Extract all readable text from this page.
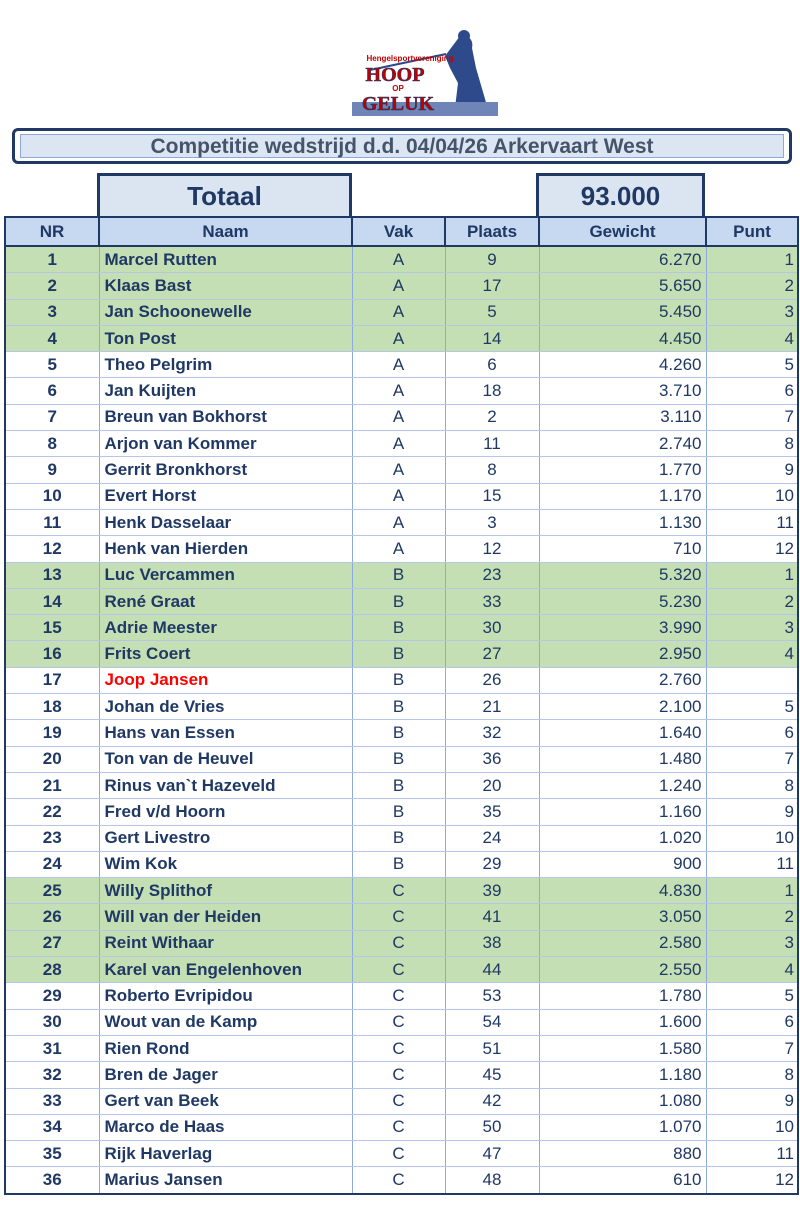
Hengelsportvereniging
HOOP
OP
GELUK
Competitie wedstrijd d.d. 04/04/26 Arkervaart West
Totaal	93.000
NR	Naam	Vak	Plaats	Gewicht	Punt
1	Marcel Rutten	A	9	6.270	1
2	Klaas Bast	A	17	5.650	2
3	Jan Schoonewelle	A	5	5.450	3
4	Ton Post	A	14	4.450	4
5	Theo Pelgrim	A	6	4.260	5
6	Jan Kuijten	A	18	3.710	6
7	Breun van Bokhorst	A	2	3.110	7
8	Arjon van Kommer	A	11	2.740	8
9	Gerrit Bronkhorst	A	8	1.770	9
10	Evert Horst	A	15	1.170	10
11	Henk Dasselaar	A	3	1.130	11
12	Henk van Hierden	A	12	710	12
13	Luc Vercammen	B	23	5.320	1
14	René Graat	B	33	5.230	2
15	Adrie Meester	B	30	3.990	3
16	Frits Coert	B	27	2.950	4
17	Joop Jansen	B	26	2.760	
18	Johan de Vries	B	21	2.100	5
19	Hans van Essen	B	32	1.640	6
20	Ton van de Heuvel	B	36	1.480	7
21	Rinus van`t Hazeveld	B	20	1.240	8
22	Fred v/d Hoorn	B	35	1.160	9
23	Gert Livestro	B	24	1.020	10
24	Wim Kok	B	29	900	11
25	Willy Splithof	C	39	4.830	1
26	Will van der Heiden	C	41	3.050	2
27	Reint Withaar	C	38	2.580	3
28	Karel van Engelenhoven	C	44	2.550	4
29	Roberto Evripidou	C	53	1.780	5
30	Wout van de Kamp	C	54	1.600	6
31	Rien Rond	C	51	1.580	7
32	Bren de Jager	C	45	1.180	8
33	Gert van Beek	C	42	1.080	9
34	Marco de Haas	C	50	1.070	10
35	Rijk Haverlag	C	47	880	11
36	Marius Jansen	C	48	610	12
